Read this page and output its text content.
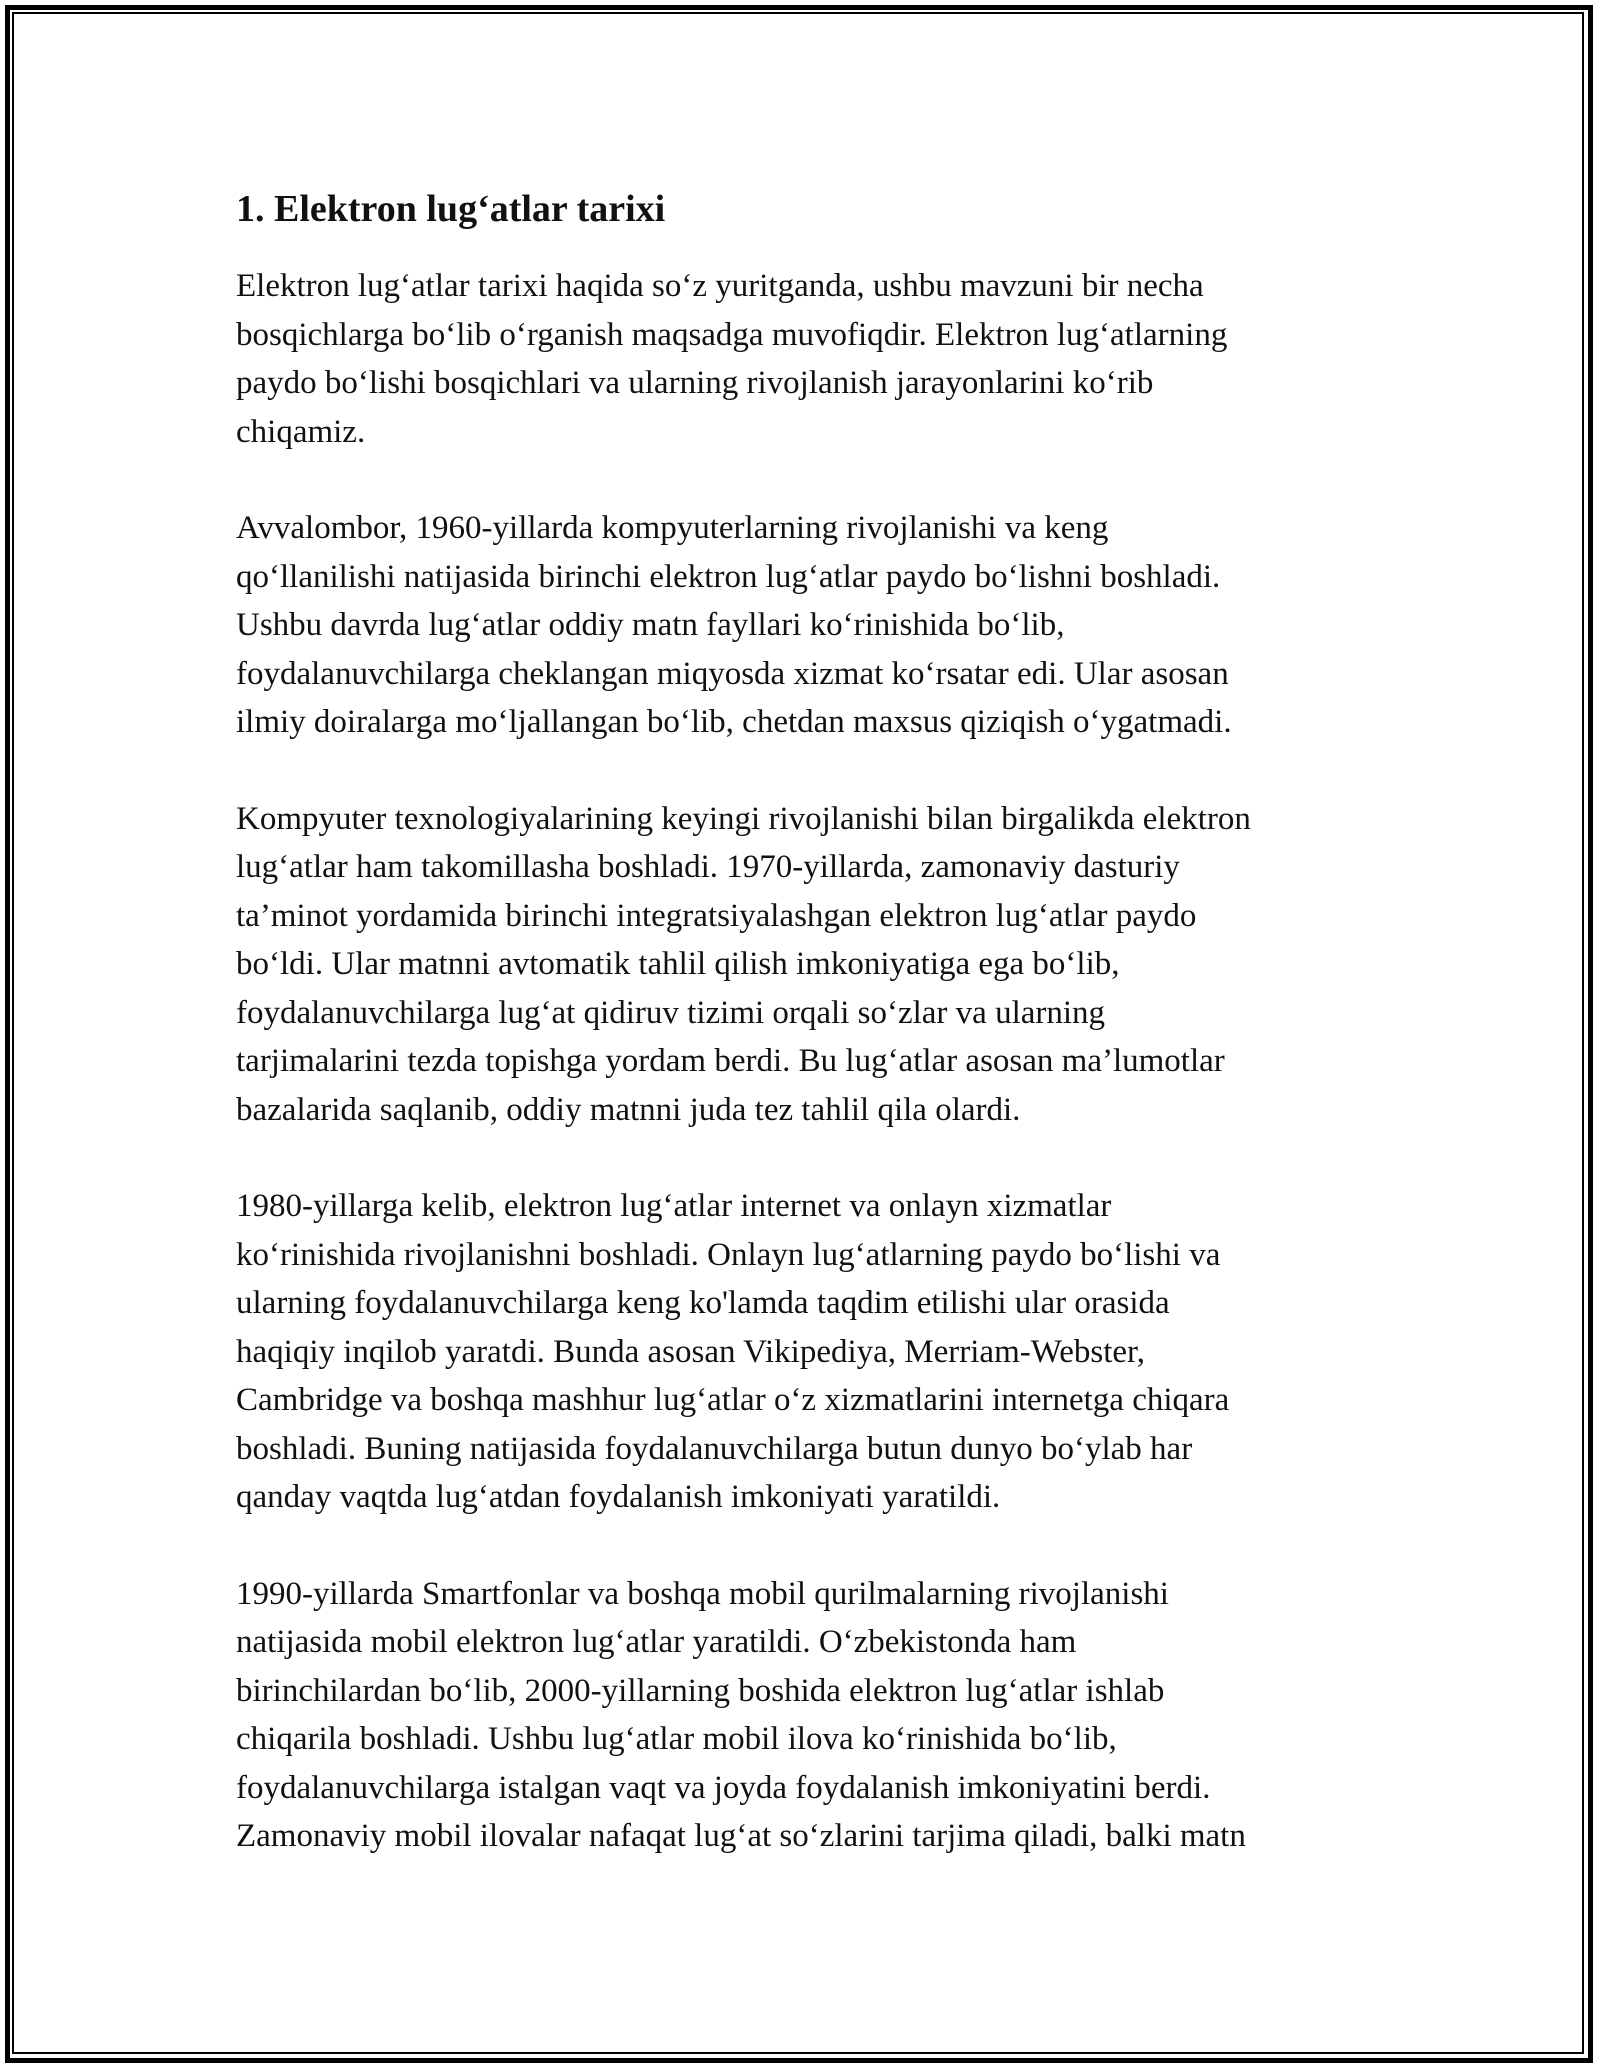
1. Elektron lug‘atlar tarixi
Elektron lug‘atlar tarixi haqida so‘z yuritganda, ushbu mavzuni bir necha
bosqichlarga bo‘lib o‘rganish maqsadga muvofiqdir. Elektron lug‘atlarning
paydo bo‘lishi bosqichlari va ularning rivojlanish jarayonlarini ko‘rib
chiqamiz.
Avvalombor, 1960-yillarda kompyuterlarning rivojlanishi va keng
qo‘llanilishi natijasida birinchi elektron lug‘atlar paydo bo‘lishni boshladi.
Ushbu davrda lug‘atlar oddiy matn fayllari ko‘rinishida bo‘lib,
foydalanuvchilarga cheklangan miqyosda xizmat ko‘rsatar edi. Ular asosan
ilmiy doiralarga mo‘ljallangan bo‘lib, chetdan maxsus qiziqish o‘ygatmadi.
Kompyuter texnologiyalarining keyingi rivojlanishi bilan birgalikda elektron
lug‘atlar ham takomillasha boshladi. 1970-yillarda, zamonaviy dasturiy
ta’minot yordamida birinchi integratsiyalashgan elektron lug‘atlar paydo
bo‘ldi. Ular matnni avtomatik tahlil qilish imkoniyatiga ega bo‘lib,
foydalanuvchilarga lug‘at qidiruv tizimi orqali so‘zlar va ularning
tarjimalarini tezda topishga yordam berdi. Bu lug‘atlar asosan ma’lumotlar
bazalarida saqlanib, oddiy matnni juda tez tahlil qila olardi.
1980-yillarga kelib, elektron lug‘atlar internet va onlayn xizmatlar
ko‘rinishida rivojlanishni boshladi. Onlayn lug‘atlarning paydo bo‘lishi va
ularning foydalanuvchilarga keng ko'lamda taqdim etilishi ular orasida
haqiqiy inqilob yaratdi. Bunda asosan Vikipediya, Merriam-Webster,
Cambridge va boshqa mashhur lug‘atlar o‘z xizmatlarini internetga chiqara
boshladi. Buning natijasida foydalanuvchilarga butun dunyo bo‘ylab har
qanday vaqtda lug‘atdan foydalanish imkoniyati yaratildi.
1990-yillarda Smartfonlar va boshqa mobil qurilmalarning rivojlanishi
natijasida mobil elektron lug‘atlar yaratildi. O‘zbekistonda ham
birinchilardan bo‘lib, 2000-yillarning boshida elektron lug‘atlar ishlab
chiqarila boshladi. Ushbu lug‘atlar mobil ilova ko‘rinishida bo‘lib,
foydalanuvchilarga istalgan vaqt va joyda foydalanish imkoniyatini berdi.
Zamonaviy mobil ilovalar nafaqat lug‘at so‘zlarini tarjima qiladi, balki matn
